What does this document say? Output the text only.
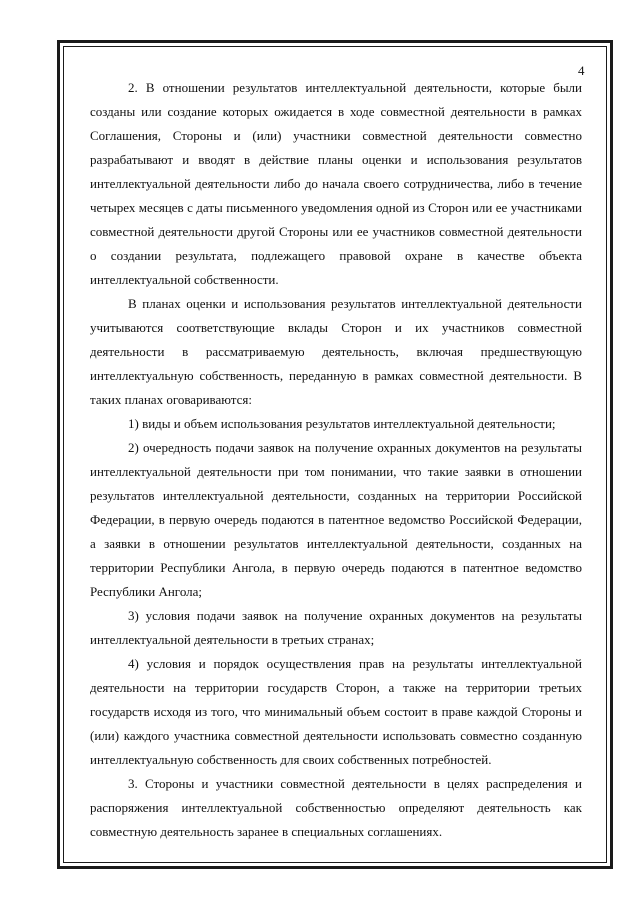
4

2. В отношении результатов интеллектуальной деятельности, которые были созданы или создание которых ожидается в ходе совместной деятельности в рамках Соглашения, Стороны и (или) участники совместной деятельности совместно разрабатывают и вводят в действие планы оценки и использования результатов интеллектуальной деятельности либо до начала своего сотрудничества, либо в течение четырех месяцев с даты письменного уведомления одной из Сторон или ее участниками совместной деятельности другой Стороны или ее участников совместной деятельности о создании результата, подлежащего правовой охране в качестве объекта интеллектуальной собственности.

В планах оценки и использования результатов интеллектуальной деятельности учитываются соответствующие вклады Сторон и их участников совместной деятельности в рассматриваемую деятельность, включая предшествующую интеллектуальную собственность, переданную в рамках совместной деятельности. В таких планах оговариваются:

1) виды и объем использования результатов интеллектуальной деятельности;

2) очередность подачи заявок на получение охранных документов на результаты интеллектуальной деятельности при том понимании, что такие заявки в отношении результатов интеллектуальной деятельности, созданных на территории Российской Федерации, в первую очередь подаются в патентное ведомство Российской Федерации, а заявки в отношении результатов интеллектуальной деятельности, созданных на территории Республики Ангола, в первую очередь подаются в патентное ведомство Республики Ангола;

3) условия подачи заявок на получение охранных документов на результаты интеллектуальной деятельности в третьих странах;

4) условия и порядок осуществления прав на результаты интеллектуальной деятельности на территории государств Сторон, а также на территории третьих государств исходя из того, что минимальный объем состоит в праве каждой Стороны и (или) каждого участника совместной деятельности использовать совместно созданную интеллектуальную собственность для своих собственных потребностей.

3. Стороны и участники совместной деятельности в целях распределения и распоряжения интеллектуальной собственностью определяют деятельность как совместную деятельность заранее в специальных соглашениях.
